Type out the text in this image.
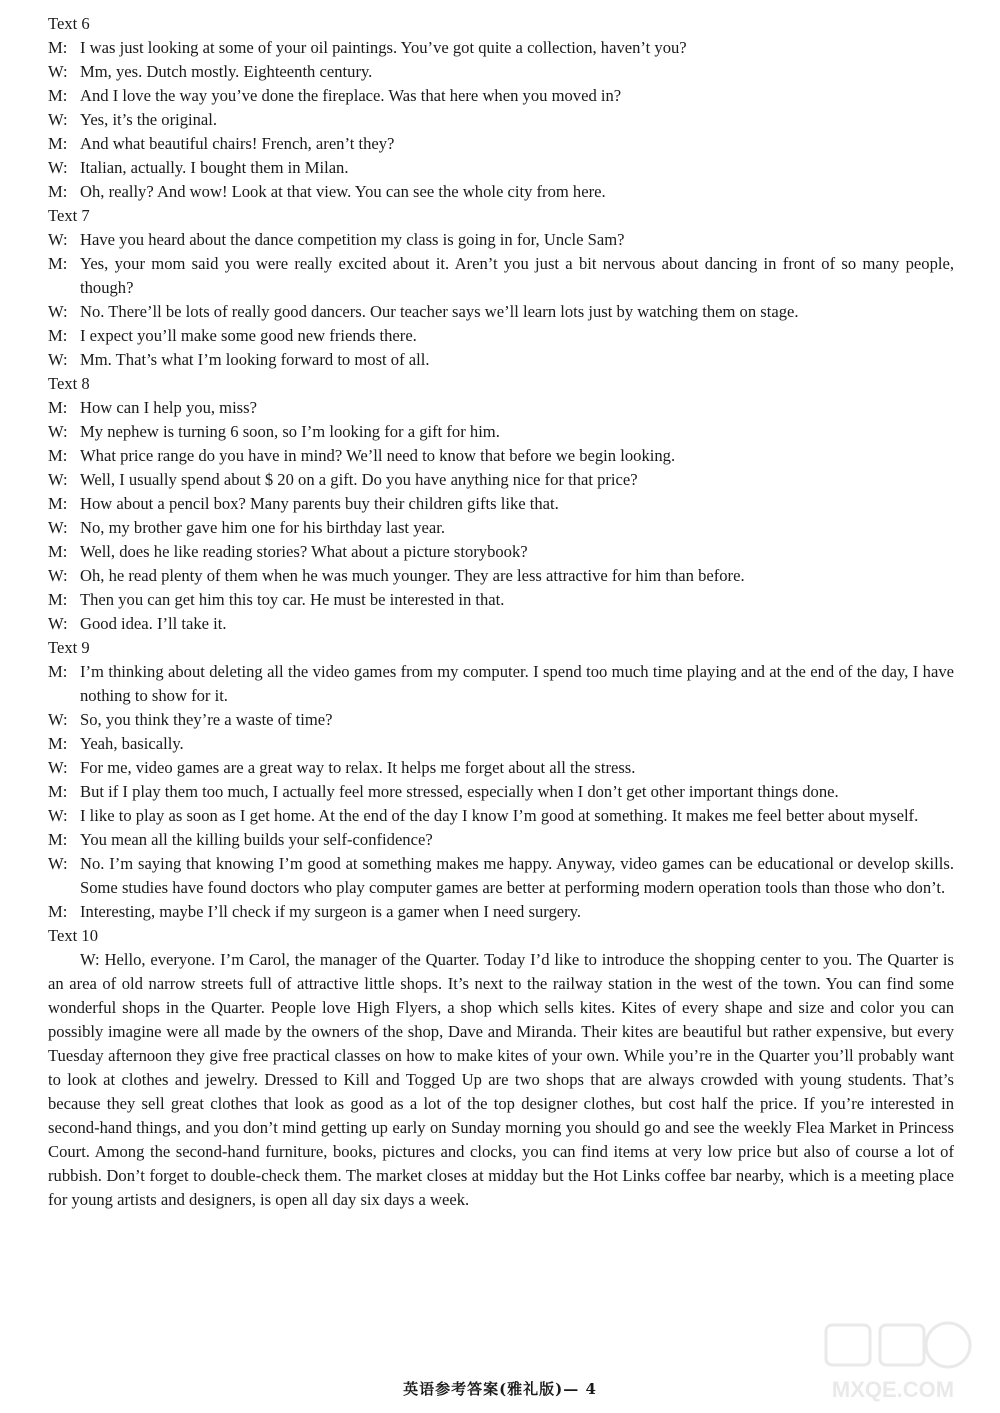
Text 6
M: I was just looking at some of your oil paintings. You’ve got quite a collection, haven’t you?
W: Mm, yes. Dutch mostly. Eighteenth century.
M: And I love the way you’ve done the fireplace. Was that here when you moved in?
W: Yes, it’s the original.
M: And what beautiful chairs! French, aren’t they?
W: Italian, actually. I bought them in Milan.
M: Oh, really? And wow! Look at that view. You can see the whole city from here.
Text 7
W: Have you heard about the dance competition my class is going in for, Uncle Sam?
M: Yes, your mom said you were really excited about it. Aren’t you just a bit nervous about dancing in front of so many people, though?
W: No. There’ll be lots of really good dancers. Our teacher says we’ll learn lots just by watching them on stage.
M: I expect you’ll make some good new friends there.
W: Mm. That’s what I’m looking forward to most of all.
Text 8
M: How can I help you, miss?
W: My nephew is turning 6 soon, so I’m looking for a gift for him.
M: What price range do you have in mind? We’ll need to know that before we begin looking.
W: Well, I usually spend about $ 20 on a gift. Do you have anything nice for that price?
M: How about a pencil box? Many parents buy their children gifts like that.
W: No, my brother gave him one for his birthday last year.
M: Well, does he like reading stories? What about a picture storybook?
W: Oh, he read plenty of them when he was much younger. They are less attractive for him than before.
M: Then you can get him this toy car. He must be interested in that.
W: Good idea. I’ll take it.
Text 9
M: I’m thinking about deleting all the video games from my computer. I spend too much time playing and at the end of the day, I have nothing to show for it.
W: So, you think they’re a waste of time?
M: Yeah, basically.
W: For me, video games are a great way to relax. It helps me forget about all the stress.
M: But if I play them too much, I actually feel more stressed, especially when I don’t get other important things done.
W: I like to play as soon as I get home. At the end of the day I know I’m good at something. It makes me feel better about myself.
M: You mean all the killing builds your self-confidence?
W: No. I’m saying that knowing I’m good at something makes me happy. Anyway, video games can be educational or develop skills. Some studies have found doctors who play computer games are better at performing modern operation tools than those who don’t.
M: Interesting, maybe I’ll check if my surgeon is a gamer when I need surgery.
Text 10

W: Hello, everyone. I’m Carol, the manager of the Quarter. Today I’d like to introduce the shopping center to you. The Quarter is an area of old narrow streets full of attractive little shops. It’s next to the railway station in the west of the town. You can find some wonderful shops in the Quarter. People love High Flyers, a shop which sells kites. Kites of every shape and size and color you can possibly imagine were all made by the owners of the shop, Dave and Miranda. Their kites are beautiful but rather expensive, but every Tuesday afternoon they give free practical classes on how to make kites of your own. While you’re in the Quarter you’ll probably want to look at clothes and jewelry. Dressed to Kill and Togged Up are two shops that are always crowded with young students. That’s because they sell great clothes that look as good as a lot of the top designer clothes, but cost half the price. If you’re interested in second-hand things, and you don’t mind getting up early on Sunday morning you should go and see the weekly Flea Market in Princess Court. Among the second-hand furniture, books, pictures and clocks, you can find items at very low price but also of course a lot of rubbish. Don’t forget to double-check them. The market closes at midday but the Hot Links coffee bar nearby, which is a meeting place for young artists and designers, is open all day six days a week.

英语参考答案(雅礼版)— 4	MXQE.COM
